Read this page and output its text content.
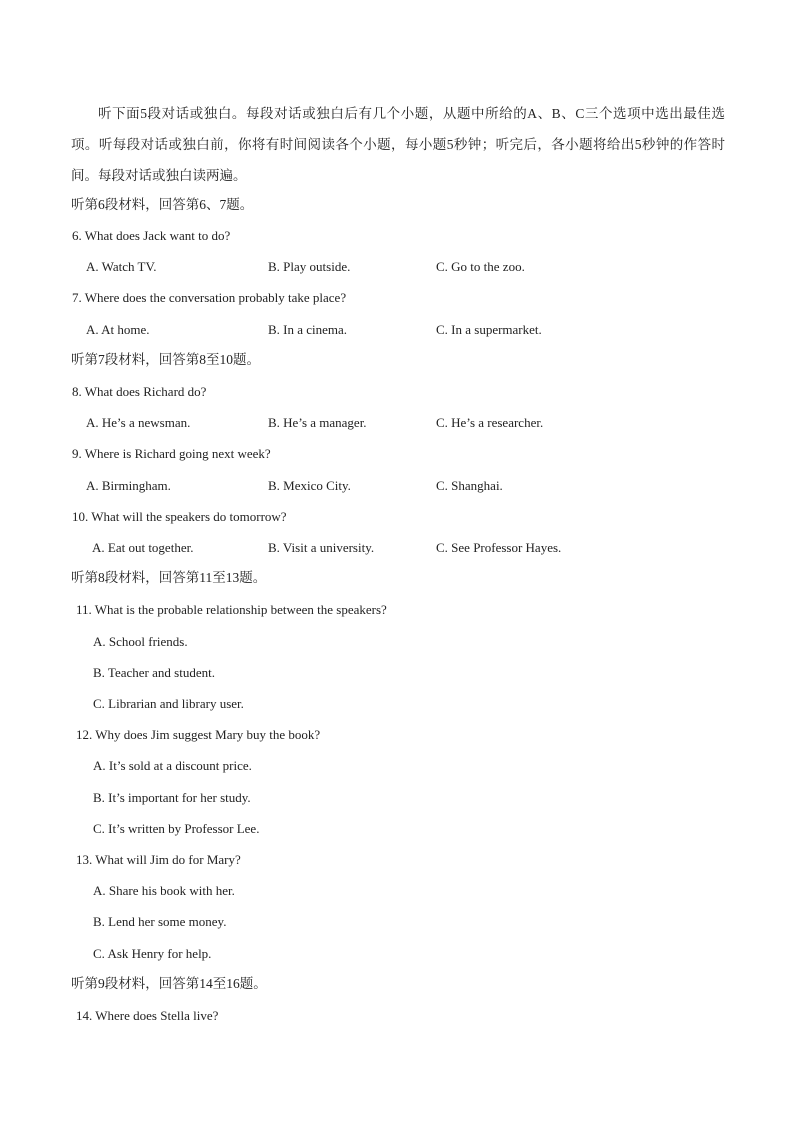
听下面5段对话或独白。每段对话或独白后有几个小题，从题中所给的A、B、C三个选项中选出最佳选项。听每段对话或独白前，你将有时间阅读各个小题，每小题5秒钟；听完后，各小题将给出5秒钟的作答时间。每段对话或独白读两遍。
听第6段材料，回答第6、7题。
6. What does Jack want to do?
A. Watch TV.	B. Play outside.	C. Go to the zoo.
7. Where does the conversation probably take place?
A. At home.	B. In a cinema.	C. In a supermarket.
听第7段材料，回答第8至10题。
8. What does Richard do?
A. He’s a newsman.	B. He’s a manager.	C. He’s a researcher.
9. Where is Richard going next week?
A. Birmingham.	B. Mexico City.	C. Shanghai.
10. What will the speakers do tomorrow?
A. Eat out together.	B. Visit a university.	C. See Professor Hayes.
听第8段材料，回答第11至13题。
11. What is the probable relationship between the speakers?
A. School friends.
B. Teacher and student.
C. Librarian and library user.
12. Why does Jim suggest Mary buy the book?
A. It’s sold at a discount price.
B. It’s important for her study.
C. It’s written by Professor Lee.
13. What will Jim do for Mary?
A. Share his book with her.
B. Lend her some money.
C. Ask Henry for help.
听第9段材料，回答第14至16题。
14. Where does Stella live?
